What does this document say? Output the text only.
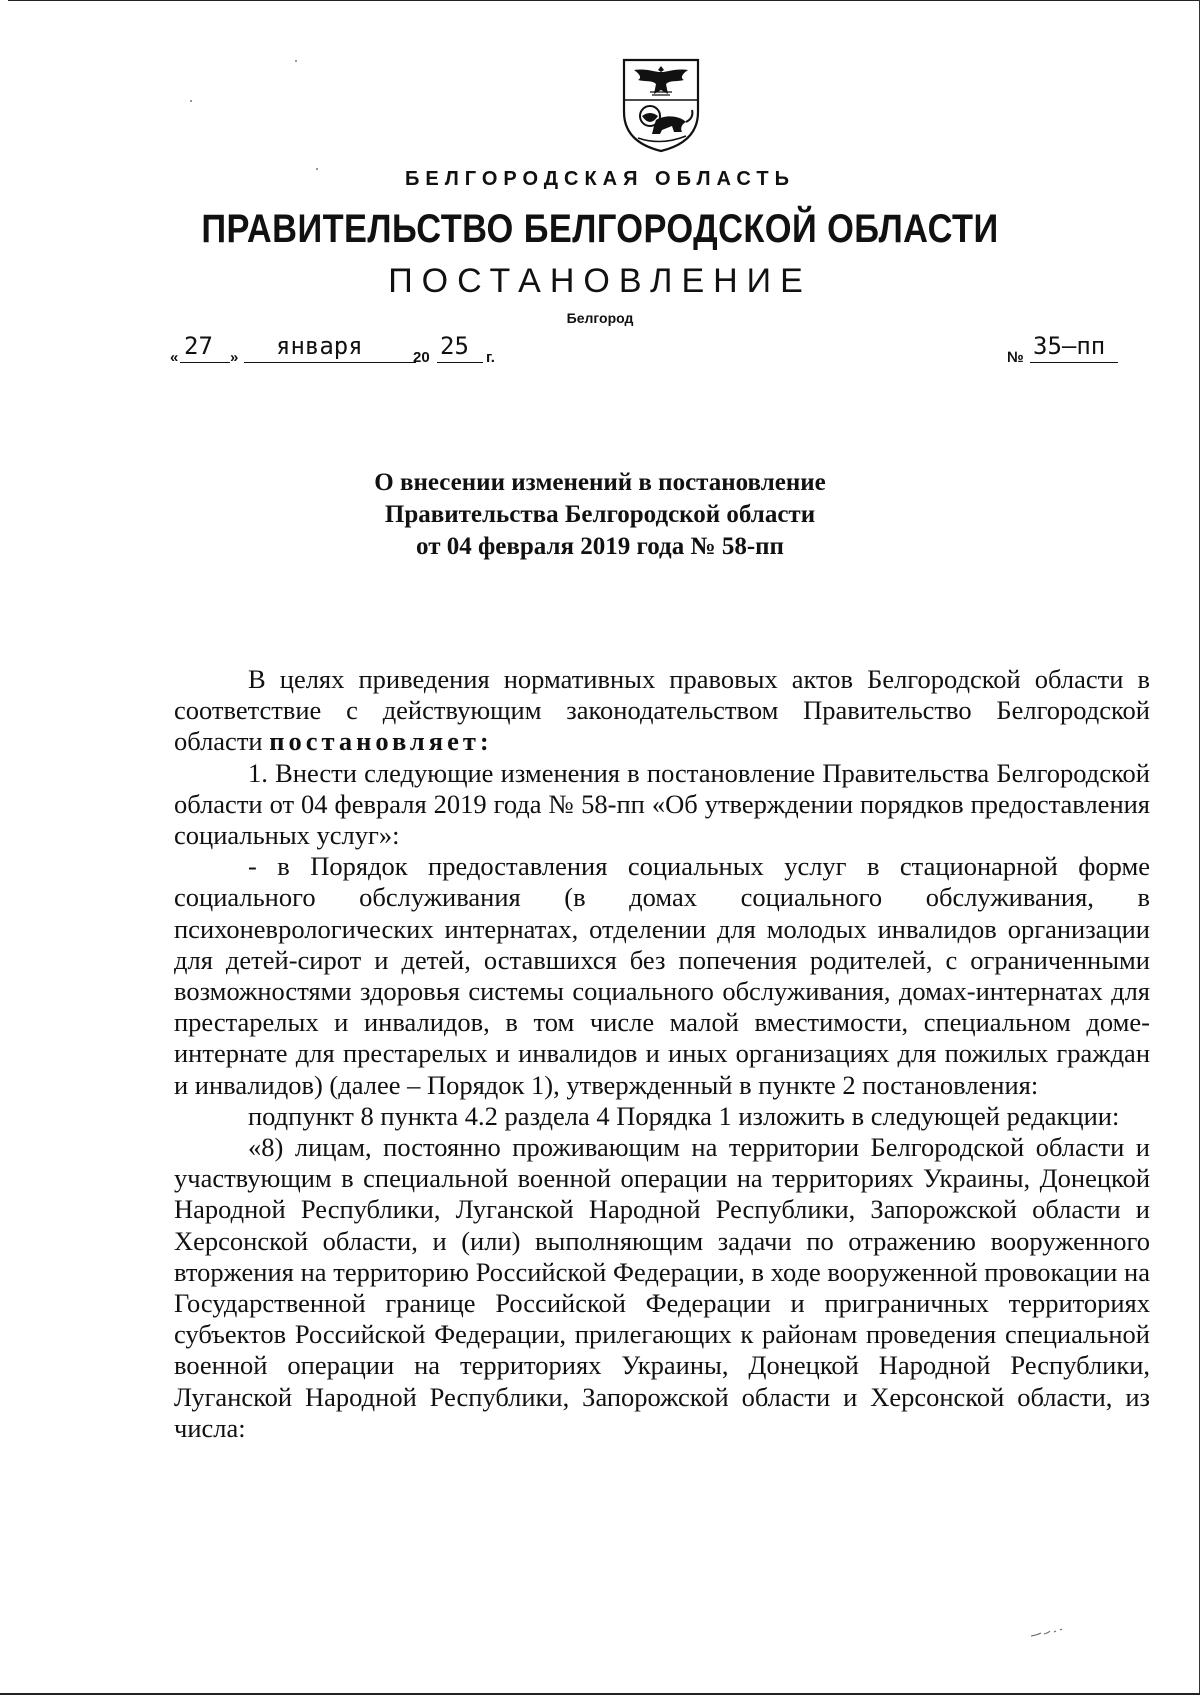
БЕЛГОРОДСКАЯ ОБЛАСТЬ
ПРАВИТЕЛЬСТВО БЕЛГОРОДСКОЙ ОБЛАСТИ
ПОСТАНОВЛЕНИЕ
Белгород
« 27 » января	20 25 г.	№ 35–пп
О внесении изменений в постановление
Правительства Белгородской области
от 04 февраля 2019 года № 58-пп

В целях приведения нормативных правовых актов Белгородской области в соответствие с действующим законодательством Правительство Белгородской области постановляет:

1. Внести следующие изменения в постановление Правительства Белгородской области от 04 февраля 2019 года № 58-пп «Об утверждении порядков предоставления социальных услуг»:

- в Порядок предоставления социальных услуг в стационарной форме социального обслуживания (в домах социального обслуживания, в психоневрологических интернатах, отделении для молодых инвалидов организации для детей-сирот и детей, оставшихся без попечения родителей, с ограниченными возможностями здоровья системы социального обслуживания, домах-интернатах для престарелых и инвалидов, в том числе малой вместимости, специальном доме-интернате для престарелых и инвалидов и иных организациях для пожилых граждан и инвалидов) (далее – Порядок 1), утвержденный в пункте 2 постановления:

подпункт 8 пункта 4.2 раздела 4 Порядка 1 изложить в следующей редакции:

«8) лицам, постоянно проживающим на территории Белгородской области и участвующим в специальной военной операции на территориях Украины, Донецкой Народной Республики, Луганской Народной Республики, Запорожской области и Херсонской области, и (или) выполняющим задачи по отражению вооруженного вторжения на территорию Российской Федерации, в ходе вооруженной провокации на Государственной границе Российской Федерации и приграничных территориях субъектов Российской Федерации, прилегающих к районам проведения специальной военной операции на территориях Украины, Донецкой Народной Республики, Луганской Народной Республики, Запорожской области и Херсонской области, из числа:
